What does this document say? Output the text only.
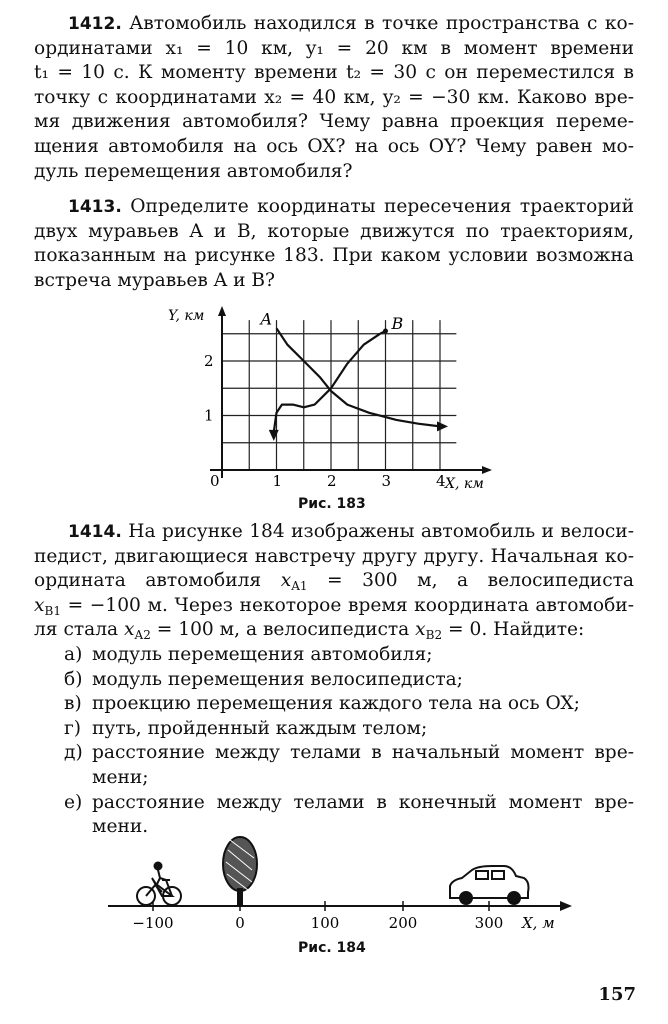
1412. Автомобиль находился в точке пространства с ко-
ординатами x₁ = 10 км, y₁ = 20 км в момент времени
t₁ = 10 с. К моменту времени t₂ = 30 с он переместился в
точку с координатами x₂ = 40 км, y₂ = −30 км. Каково вре-
мя движения автомобиля? Чему равна проекция переме-
щения автомобиля на ось OX? на ось OY? Чему равен мо-
дуль перемещения автомобиля?
1413. Определите координаты пересечения траекторий
двух муравьев A и B, которые движутся по траекториям,
показанным на рисунке 183. При каком условии возможна
встреча муравьев A и B?
Y, км
X, км
0
A	B
1	2	3	4
1
2
Рис. 183
1414. На рисунке 184 изображены автомобиль и велоси-
педист, двигающиеся навстречу другу другу. Начальная ко-
ордината автомобиля $x_{A1} = 300$ м, а велосипедиста
$x_{B1} = -100$ м. Через некоторое время координата автомоби-
ля стала $x_{A2} = 100$ м, а велосипедиста $x_{B2} = 0$. Найдите:
а) модуль перемещения автомобиля;
б) модуль перемещения велосипедиста;
в) проекцию перемещения каждого тела на ось OX;
г) путь, пройденный каждым телом;
д) расстояние между телами в начальный момент вре-
мени;
е) расстояние между телами в конечный момент вре-
мени.
−100	0	100	200	300 X, м
Рис. 184
157
